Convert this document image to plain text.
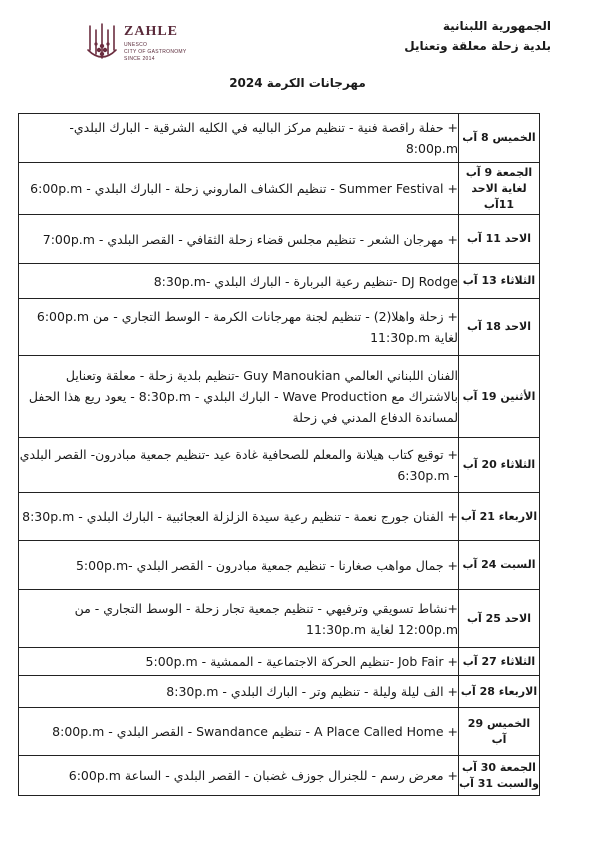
الجمهورية اللبنانية
بلدية زحلة معلقة وتعنايل
ZAHLE
UNESCO
CITY OF GASTRONOMY
SINCE 2014
مهرجانات الكرمة 2024
الخميس 8 آب	+ حفلة راقصة فنية - تنظيم مركز الباليه في الكليه الشرقية - البارك البلدي- 8:00p.m
الجمعة 9 آب لغاية الاحد 11آب	+ Summer Festival - تنظيم الكشاف الماروني زحلة - البارك البلدي - 6:00p.m
الاحد 11 آب	+ مهرجان الشعر - تنظيم مجلس قضاء زحلة الثقافي - القصر البلدي - 7:00p.m
الثلاثاء 13 آب	DJ Rodge -تنظيم رعية البربارة - البارك البلدي -8:30p.m
الاحد 18 آب	+ زحلة واهلا(2) - تنظيم لجنة مهرجانات الكرمة - الوسط التجاري - من 6:00p.m لغاية 11:30p.m
الأثنين 19 آب	الفنان اللبناني العالمي Guy Manoukian -تنظيم بلدية زحلة - معلقة وتعنايل بالاشتراك مع Wave Production - البارك البلدي - 8:30p.m - يعود ريع هذا الحفل لمساندة الدفاع المدني في زحلة
الثلاثاء 20 آب	+ توقيع كتاب هيلانة والمعلم للصحافية غادة عيد -تنظيم جمعية مبادرون- القصر البلدي - 6:30p.m
الاربعاء 21 آب	+ الفنان جورج نعمة - تنظيم رعية سيدة الزلزلة العجائبية - البارك البلدي - 8:30p.m
السبت 24 آب	+ جمال مواهب صغارنا - تنظيم جمعية مبادرون - القصر البلدي -5:00p.m
الاحد 25 آب	+نشاط تسويقي وترفيهي - تنظيم جمعية تجار زحلة - الوسط التجاري - من 12:00p.m لغاية 11:30p.m
الثلاثاء 27 آب	+ Job Fair -تنظيم الحركة الاجتماعية - الممشية - 5:00p.m
الاربعاء 28 آب	+ الف ليلة وليلة - تنظيم وتر - البارك البلدي - 8:30p.m
الخميس 29 آب	+ A Place Called Home - تنظيم Swandance - القصر البلدي - 8:00p.m
الجمعة 30 آب والسبت 31 آب	+ معرض رسم - للجنرال جوزف غضبان - القصر البلدي - الساعة 6:00p.m
